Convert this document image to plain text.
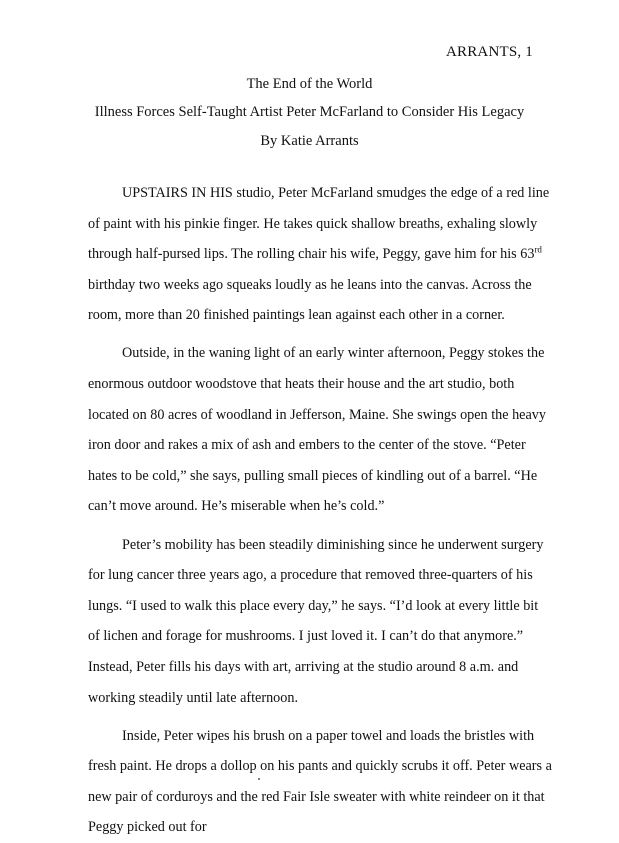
ARRANTS, 1
The End of the World
Illness Forces Self-Taught Artist Peter McFarland to Consider His Legacy
By Katie Arrants

UPSTAIRS IN HIS studio, Peter McFarland smudges the edge of a red line of paint with his pinkie finger. He takes quick shallow breaths, exhaling slowly through half-pursed lips. The rolling chair his wife, Peggy, gave him for his 63rd birthday two weeks ago squeaks loudly as he leans into the canvas. Across the room, more than 20 finished paintings lean against each other in a corner.

Outside, in the waning light of an early winter afternoon, Peggy stokes the enormous outdoor woodstove that heats their house and the art studio, both located on 80 acres of woodland in Jefferson, Maine. She swings open the heavy iron door and rakes a mix of ash and embers to the center of the stove. “Peter hates to be cold,” she says, pulling small pieces of kindling out of a barrel. “He can’t move around. He’s miserable when he’s cold.”

Peter’s mobility has been steadily diminishing since he underwent surgery for lung cancer three years ago, a procedure that removed three-quarters of his lungs. “I used to walk this place every day,” he says. “I’d look at every little bit of lichen and forage for mushrooms. I just loved it. I can’t do that anymore.” Instead, Peter fills his days with art, arriving at the studio around 8 a.m. and working steadily until late afternoon.

Inside, Peter wipes his brush on a paper towel and loads the bristles with fresh paint. He drops a dollop on his pants and quickly scrubs it off. Peter wears a new pair of corduroys and the red Fair Isle sweater with white reindeer on it that Peggy picked out for
